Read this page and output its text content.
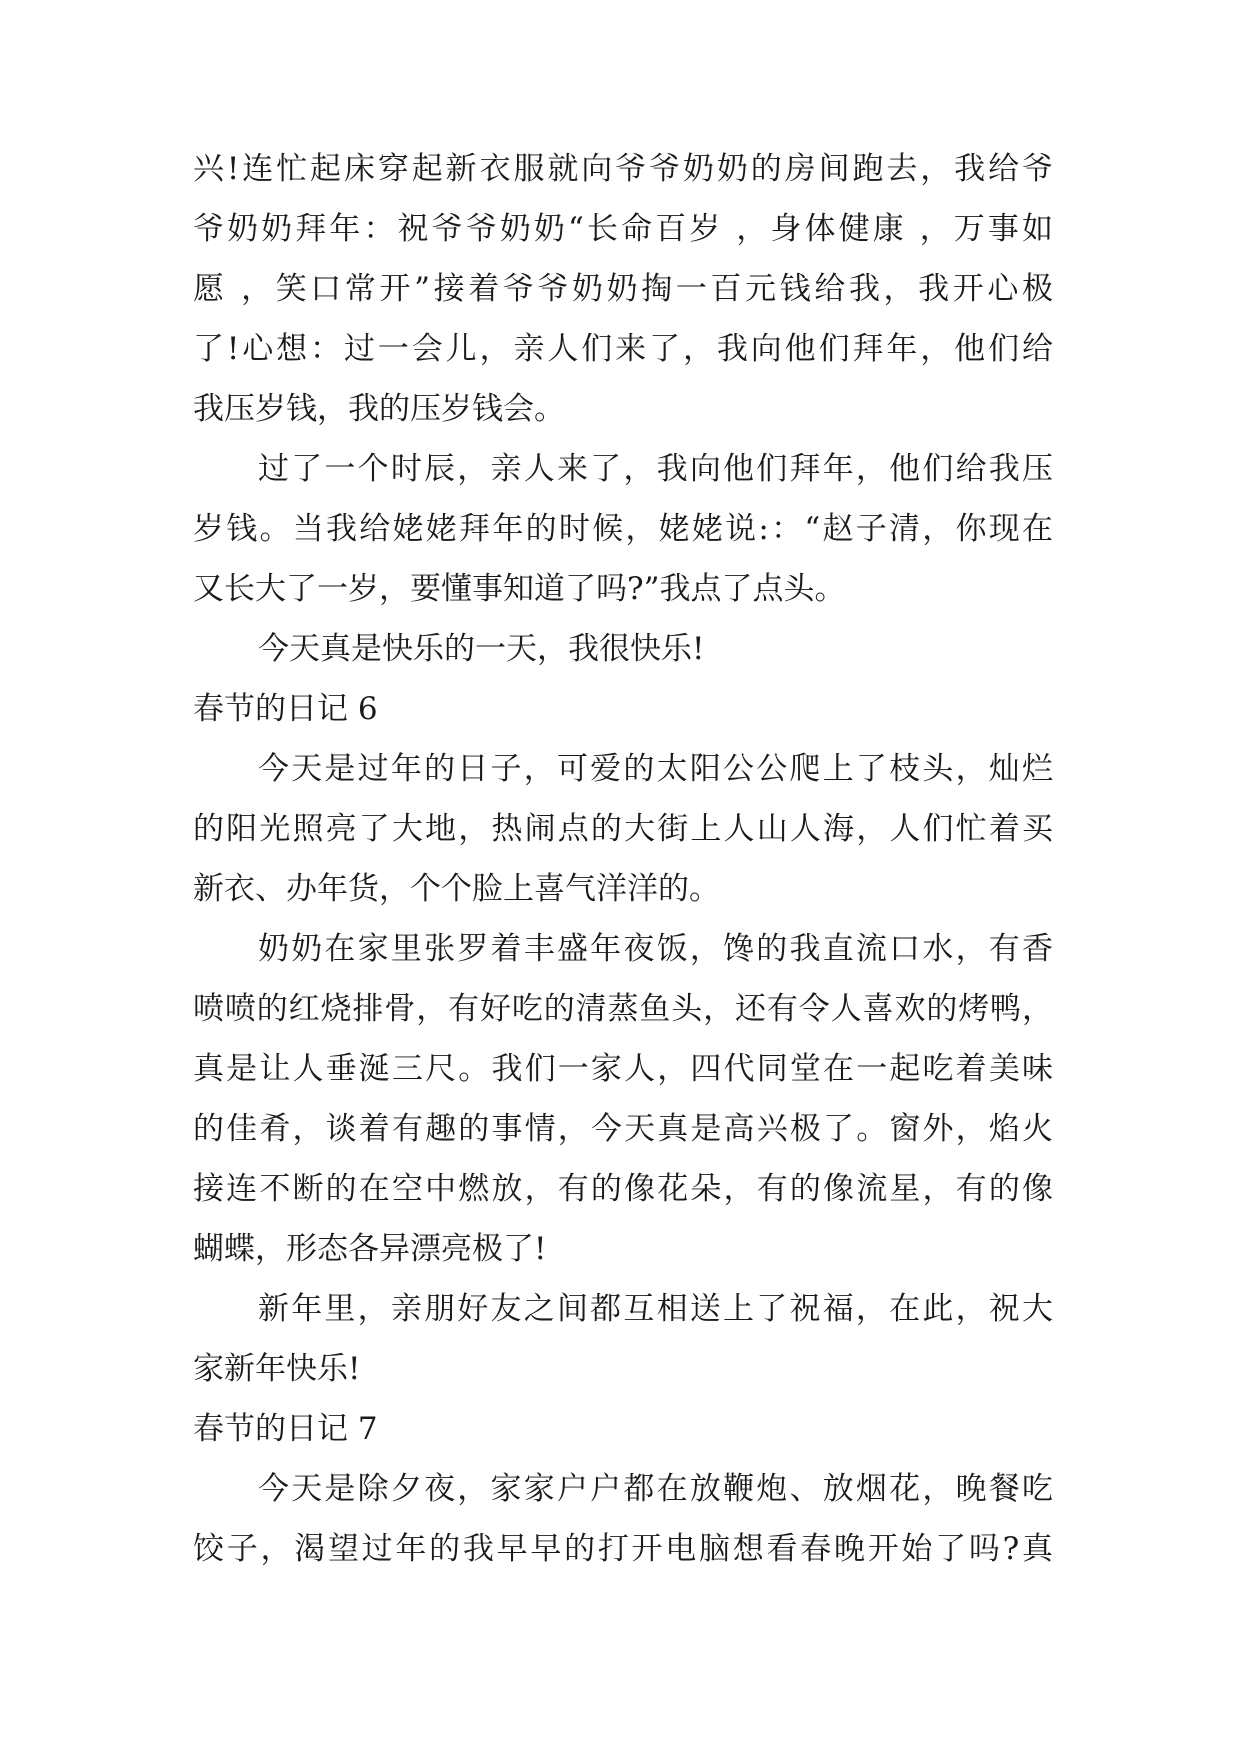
兴!连忙起床穿起新衣服就向爷爷奶奶的房间跑去，我给爷
爷奶奶拜年：祝爷爷奶奶“长命百岁 ，身体健康 ，万事如
愿 ，笑口常开”接着爷爷奶奶掏一百元钱给我，我开心极
了!心想：过一会儿，亲人们来了，我向他们拜年，他们给
我压岁钱，我的压岁钱会。
过了一个时辰，亲人来了，我向他们拜年，他们给我压
岁钱。当我给姥姥拜年的时候，姥姥说:：“赵子清，你现在
又长大了一岁，要懂事知道了吗?”我点了点头。
今天真是快乐的一天，我很快乐!
春节的日记 6
今天是过年的日子，可爱的太阳公公爬上了枝头，灿烂
的阳光照亮了大地，热闹点的大街上人山人海，人们忙着买
新衣、办年货，个个脸上喜气洋洋的。
奶奶在家里张罗着丰盛年夜饭，馋的我直流口水，有香
喷喷的红烧排骨，有好吃的清蒸鱼头，还有令人喜欢的烤鸭，
真是让人垂涎三尺。我们一家人，四代同堂在一起吃着美味
的佳肴，谈着有趣的事情，今天真是高兴极了。窗外，焰火
接连不断的在空中燃放，有的像花朵，有的像流星，有的像
蝴蝶，形态各异漂亮极了!
新年里，亲朋好友之间都互相送上了祝福，在此，祝大
家新年快乐!
春节的日记 7
今天是除夕夜，家家户户都在放鞭炮、放烟花，晚餐吃
饺子，渴望过年的我早早的打开电脑想看春晚开始了吗?真
